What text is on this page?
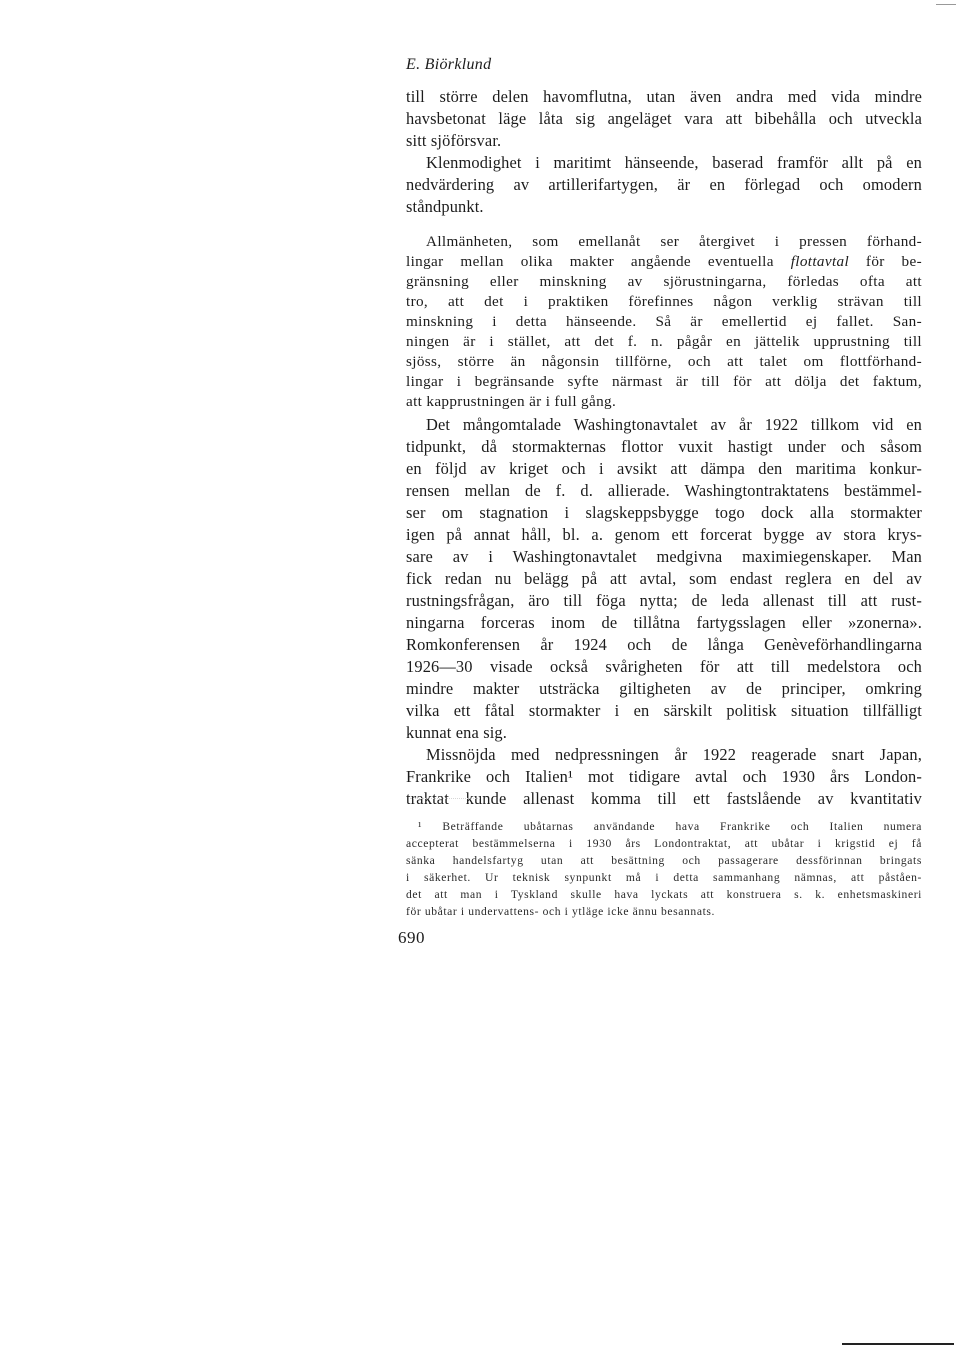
E. Biörklund

till större delen havomflutna, utan även andra med vida mindre

havsbetonat läge låta sig angeläget vara att bibehålla och utveckla

sitt sjöförsvar.

Klenmodighet i maritimt hänseende, baserad framför allt på en

nedvärdering av artillerifartygen, är en förlegad och omodern

ståndpunkt.

Allmänheten, som emellanåt ser återgivet i pressen förhand-

lingar mellan olika makter angående eventuella flottavtal för be-

gränsning eller minskning av sjörustningarna, förledas ofta att

tro, att det i praktiken förefinnes någon verklig strävan till

minskning i detta hänseende. Så är emellertid ej fallet. San-

ningen är i stället, att det f. n. pågår en jättelik upprustning till

sjöss, större än någonsin tillförne, och att talet om flottförhand-

lingar i begränsande syfte närmast är till för att dölja det faktum,

att kapprustningen är i full gång.

Det mångomtalade Washingtonavtalet av år 1922 tillkom vid en

tidpunkt, då stormakternas flottor vuxit hastigt under och såsom

en följd av kriget och i avsikt att dämpa den maritima konkur-

rensen mellan de f. d. allierade. Washingtontraktatens bestämmel-

ser om stagnation i slagskeppsbygge togo dock alla stormakter

igen på annat håll, bl. a. genom ett forcerat bygge av stora krys-

sare av i Washingtonavtalet medgivna maximiegenskaper. Man

fick redan nu belägg på att avtal, som endast reglera en del av

rustningsfrågan, äro till föga nytta; de leda allenast till att rust-

ningarna forceras inom de tillåtna fartygsslagen eller »zonerna».

Romkonferensen år 1924 och de långa Genèveförhandlingarna

1926—30 visade också svårigheten för att till medelstora och

mindre makter utsträcka giltigheten av de principer, omkring

vilka ett fåtal stormakter i en särskilt politisk situation tillfälligt

kunnat ena sig.

Missnöjda med nedpressningen år 1922 reagerade snart Japan,

Frankrike och Italien¹ mot tidigare avtal och 1930 års London-

traktat kunde allenast komma till ett fastslående av kvantitativ

¹ Beträffande ubåtarnas användande hava Frankrike och Italien numera

accepterat bestämmelserna i 1930 års Londontraktat, att ubåtar i krigstid ej få

sänka handelsfartyg utan att besättning och passagerare dessförinnan bringats

i säkerhet. Ur teknisk synpunkt må i detta sammanhang nämnas, att påståen-

det att man i Tyskland skulle hava lyckats att konstruera s. k. enhetsmaskineri

för ubåtar i undervattens- och i ytläge icke ännu besannats.

690
